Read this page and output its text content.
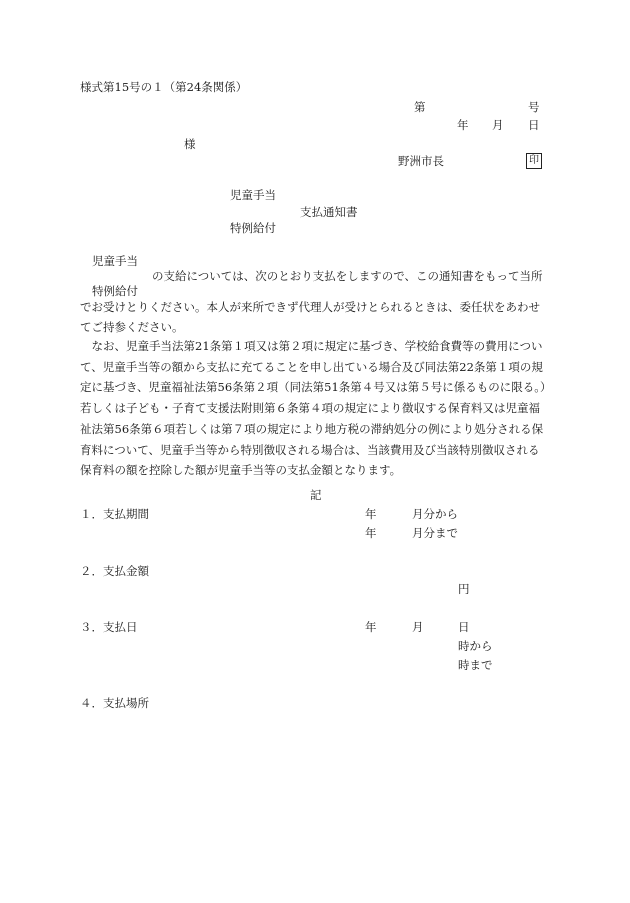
様式第15号の１（第24条関係）
第	号
年 月 日
様
野洲市長	印
児童手当
支払通知書
特例給付
児童手当
の支給については、次のとおり支払をしますので、この通知書をもって当所
特例給付
でお受けとりください。本人が来所できず代理人が受けとられるときは、委任状をあわせ
てご持参ください。
　なお、児童手当法第21条第１項又は第２項に規定に基づき、学校給食費等の費用につい
て、児童手当等の額から支払に充てることを申し出ている場合及び同法第22条第１項の規
定に基づき、児童福祉法第56条第２項（同法第51条第４号又は第５号に係るものに限る。）
若しくは子ども・子育て支援法附則第６条第４項の規定により徴収する保育料又は児童福
祉法第56条第６項若しくは第７項の規定により地方税の滞納処分の例により処分される保
育料について、児童手当等から特別徴収される場合は、当該費用及び当該特別徴収される
保育料の額を控除した額が児童手当等の支払金額となります。
記
１．支払期間	年	月分から
年	月分まで
２．支払金額
円
３．支払日	年	月	日
時から
時まで
４．支払場所
